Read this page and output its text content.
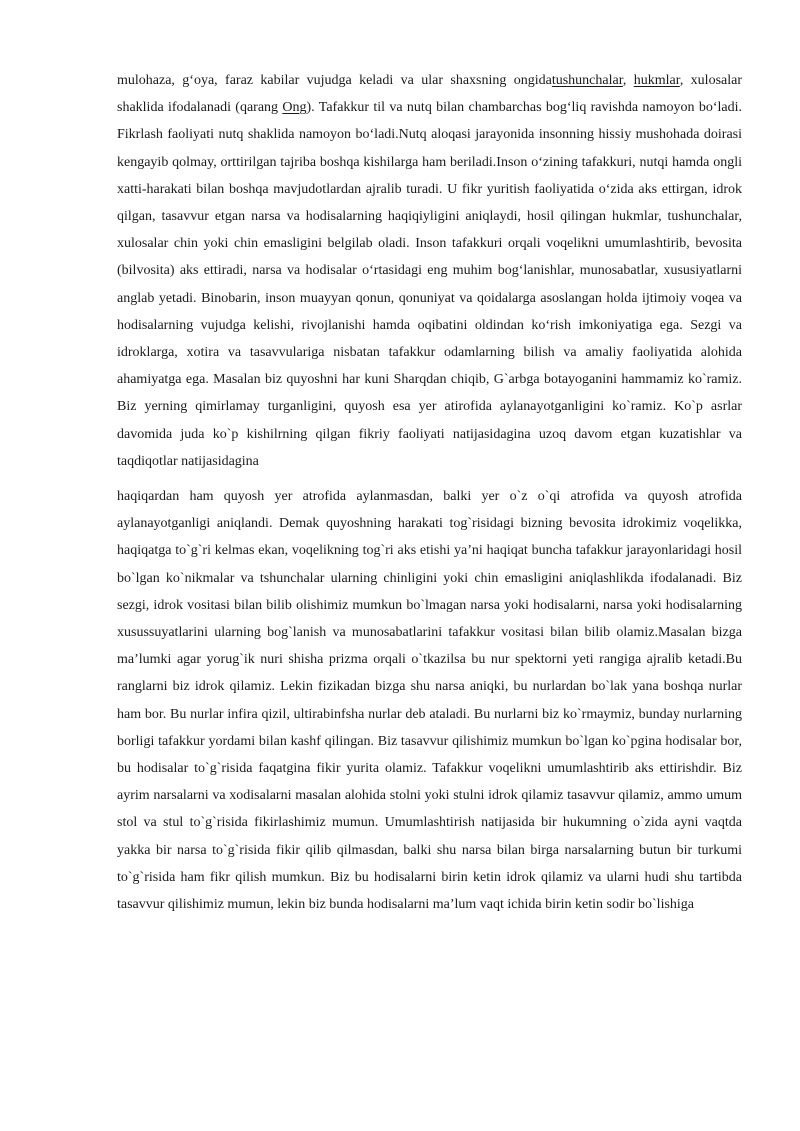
mulohaza, g‘oya, faraz kabilar vujudga keladi va ular shaxsning ongidatushunchalar, hukmlar, xulosalar shaklida ifodalanadi (qarang Ong). Tafakkur til va nutq bilan chambarchas bog‘liq ravishda namoyon bo‘ladi. Fikrlash faoliyati nutq shaklida namoyon bo‘ladi.Nutq aloqasi jarayonida insonning hissiy mushohada doirasi kengayib qolmay, orttirilgan tajriba boshqa kishilarga ham beriladi.Inson o‘zining tafakkuri, nutqi hamda ongli xatti-harakati bilan boshqa mavjudotlardan ajralib turadi. U fikr yuritish faoliyatida o‘zida aks ettirgan, idrok qilgan, tasavvur etgan narsa va hodisalarning haqiqiyligini aniqlaydi, hosil qilingan hukmlar, tushunchalar, xulosalar chin yoki chin emasligini belgilab oladi. Inson tafakkuri orqali voqelikni umumlashtirib, bevosita (bilvosita) aks ettiradi, narsa va hodisalar o‘rtasidagi eng muhim bog‘lanishlar, munosabatlar, xususiyatlarni anglab yetadi. Binobarin, inson muayyan qonun, qonuniyat va qoidalarga asoslangan holda ijtimoiy voqea va hodisalarning vujudga kelishi, rivojlanishi hamda oqibatini oldindan ko‘rish imkoniyatiga ega. Sezgi va idroklarga, xotira va tasavvulariga nisbatan tafakkur odamlarning bilish va amaliy faoliyatida alohida ahamiyatga ega. Masalan biz quyoshni har kuni Sharqdan chiqib, G`arbga botayoganini hammamiz ko`ramiz. Biz yerning qimirlamay turganligini, quyosh esa yer atirofida aylanayotganligini ko`ramiz. Ko`p asrlar davomida juda ko`p kishilrning qilgan fikriy faoliyati natijasidagina uzoq davom etgan kuzatishlar va taqdiqotlar natijasidagina

haqiqardan ham quyosh yer atrofida aylanmasdan, balki yer o`z o`qi atrofida va quyosh atrofida aylanayotganligi aniqlandi. Demak quyoshning harakati tog`risidagi bizning bevosita idrokimiz voqelikka, haqiqatga to`g`ri kelmas ekan, voqelikning tog`ri aks etishi ya’ni haqiqat buncha tafakkur jarayonlaridagi hosil bo`lgan ko`nikmalar va tshunchalar ularning chinligini yoki chin emasligini aniqlashlikda ifodalanadi. Biz sezgi, idrok vositasi bilan bilib olishimiz mumkun bo`lmagan narsa yoki hodisalarni, narsa yoki hodisalarning xusussuyatlarini ularning bog`lanish va munosabatlarini tafakkur vositasi bilan bilib olamiz.Masalan bizga ma’lumki agar yorug`ik nuri shisha prizma orqali o`tkazilsa bu nur spektorni yeti rangiga ajralib ketadi.Bu ranglarni biz idrok qilamiz. Lekin fizikadan bizga shu narsa aniqki, bu nurlardan bo`lak yana boshqa nurlar ham bor. Bu nurlar infira qizil, ultirabinfsha nurlar deb ataladi. Bu nurlarni biz ko`rmaymiz, bunday nurlarning borligi tafakkur yordami bilan kashf qilingan. Biz tasavvur qilishimiz mumkun bo`lgan ko`pgina hodisalar bor, bu hodisalar to`g`risida faqatgina fikir yurita olamiz. Tafakkur voqelikni umumlashtirib aks ettirishdir. Biz ayrim narsalarni va xodisalarni masalan alohida stolni yoki stulni idrok qilamiz tasavvur qilamiz, ammo umum stol va stul to`g`risida fikirlashimiz mumun. Umumlashtirish natijasida bir hukumning o`zida ayni vaqtda yakka bir narsa to`g`risida fikir qilib qilmasdan, balki shu narsa bilan birga narsalarning butun bir turkumi to`g`risida ham fikr qilish mumkun. Biz bu hodisalarni birin ketin idrok qilamiz va ularni hudi shu tartibda tasavvur qilishimiz mumun, lekin biz bunda hodisalarni ma’lum vaqt ichida birin ketin sodir bo`lishiga
